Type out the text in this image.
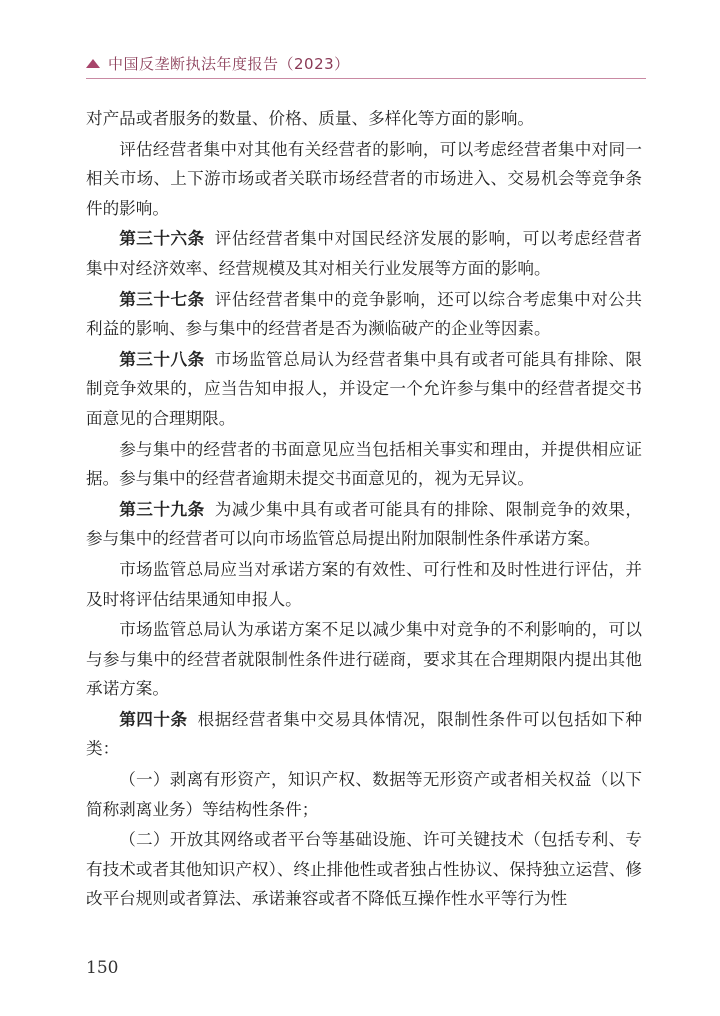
中国反垄断执法年度报告（2023）

对产品或者服务的数量、价格、质量、多样化等方面的影响。

评估经营者集中对其他有关经营者的影响，可以考虑经营者集中对同一相关市场、上下游市场或者关联市场经营者的市场进入、交易机会等竞争条件的影响。

第三十六条 评估经营者集中对国民经济发展的影响，可以考虑经营者集中对经济效率、经营规模及其对相关行业发展等方面的影响。

第三十七条 评估经营者集中的竞争影响，还可以综合考虑集中对公共利益的影响、参与集中的经营者是否为濒临破产的企业等因素。

第三十八条 市场监管总局认为经营者集中具有或者可能具有排除、限制竞争效果的，应当告知申报人，并设定一个允许参与集中的经营者提交书面意见的合理期限。

参与集中的经营者的书面意见应当包括相关事实和理由，并提供相应证据。参与集中的经营者逾期未提交书面意见的，视为无异议。

第三十九条 为减少集中具有或者可能具有的排除、限制竞争的效果，参与集中的经营者可以向市场监管总局提出附加限制性条件承诺方案。

市场监管总局应当对承诺方案的有效性、可行性和及时性进行评估，并及时将评估结果通知申报人。

市场监管总局认为承诺方案不足以减少集中对竞争的不利影响的，可以与参与集中的经营者就限制性条件进行磋商，要求其在合理期限内提出其他承诺方案。

第四十条 根据经营者集中交易具体情况，限制性条件可以包括如下种类：

（一）剥离有形资产，知识产权、数据等无形资产或者相关权益（以下简称剥离业务）等结构性条件；

（二）开放其网络或者平台等基础设施、许可关键技术（包括专利、专有技术或者其他知识产权）、终止排他性或者独占性协议、保持独立运营、修改平台规则或者算法、承诺兼容或者不降低互操作性水平等行为性

150
